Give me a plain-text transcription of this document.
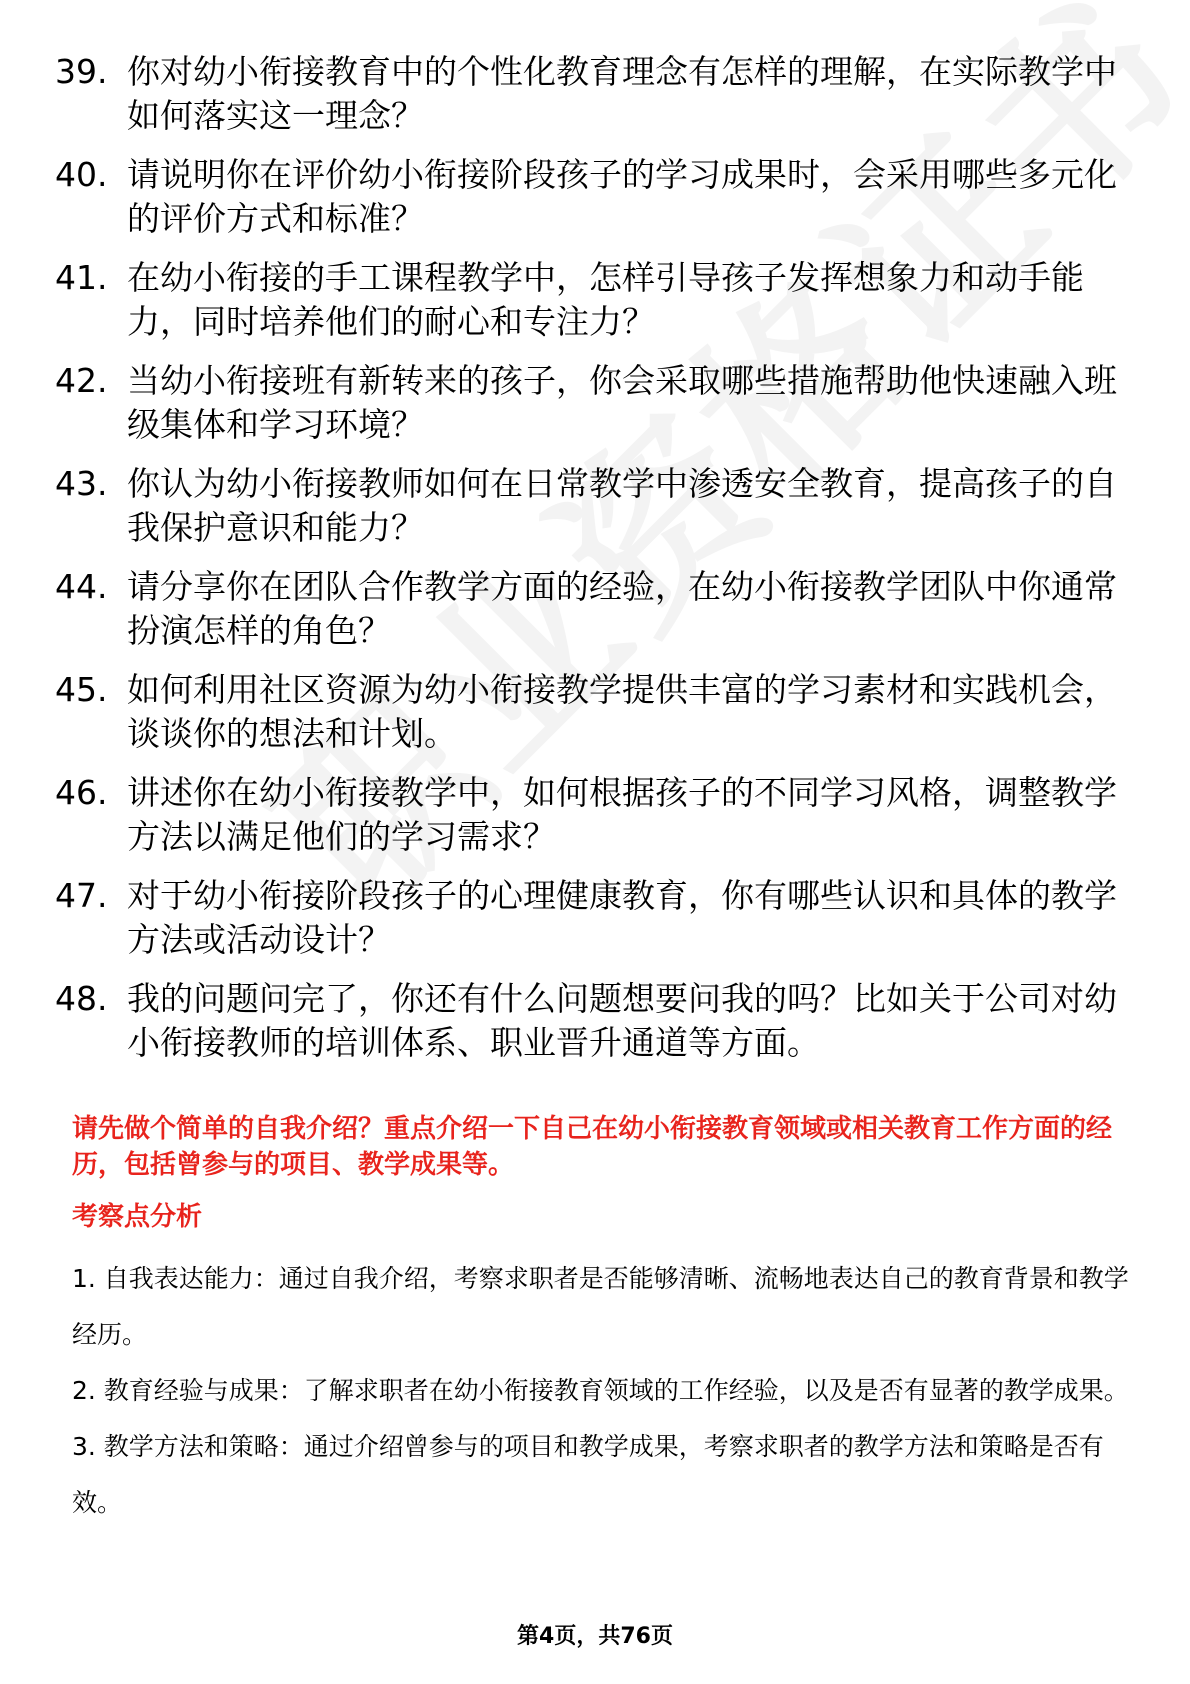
39. 你对幼小衔接教育中的个性化教育理念有怎样的理解，在实际教学中如何落实这一理念？
40. 请说明你在评价幼小衔接阶段孩子的学习成果时，会采用哪些多元化的评价方式和标准？
41. 在幼小衔接的手工课程教学中，怎样引导孩子发挥想象力和动手能力，同时培养他们的耐心和专注力？
42. 当幼小衔接班有新转来的孩子，你会采取哪些措施帮助他快速融入班级集体和学习环境？
43. 你认为幼小衔接教师如何在日常教学中渗透安全教育，提高孩子的自我保护意识和能力？
44. 请分享你在团队合作教学方面的经验，在幼小衔接教学团队中你通常扮演怎样的角色？
45. 如何利用社区资源为幼小衔接教学提供丰富的学习素材和实践机会，谈谈你的想法和计划。
46. 讲述你在幼小衔接教学中，如何根据孩子的不同学习风格，调整教学方法以满足他们的学习需求？
47. 对于幼小衔接阶段孩子的心理健康教育，你有哪些认识和具体的教学方法或活动设计？
48. 我的问题问完了，你还有什么问题想要问我的吗？比如关于公司对幼小衔接教师的培训体系、职业晋升通道等方面。
请先做个简单的自我介绍？重点介绍一下自己在幼小衔接教育领域或相关教育工作方面的经历，包括曾参与的项目、教学成果等。
考察点分析
1. 自我表达能力：通过自我介绍，考察求职者是否能够清晰、流畅地表达自己的教育背景和教学经历。
2. 教育经验与成果：了解求职者在幼小衔接教育领域的工作经验，以及是否有显著的教学成果。
3. 教学方法和策略：通过介绍曾参与的项目和教学成果，考察求职者的教学方法和策略是否有效。
第4页，共76页
